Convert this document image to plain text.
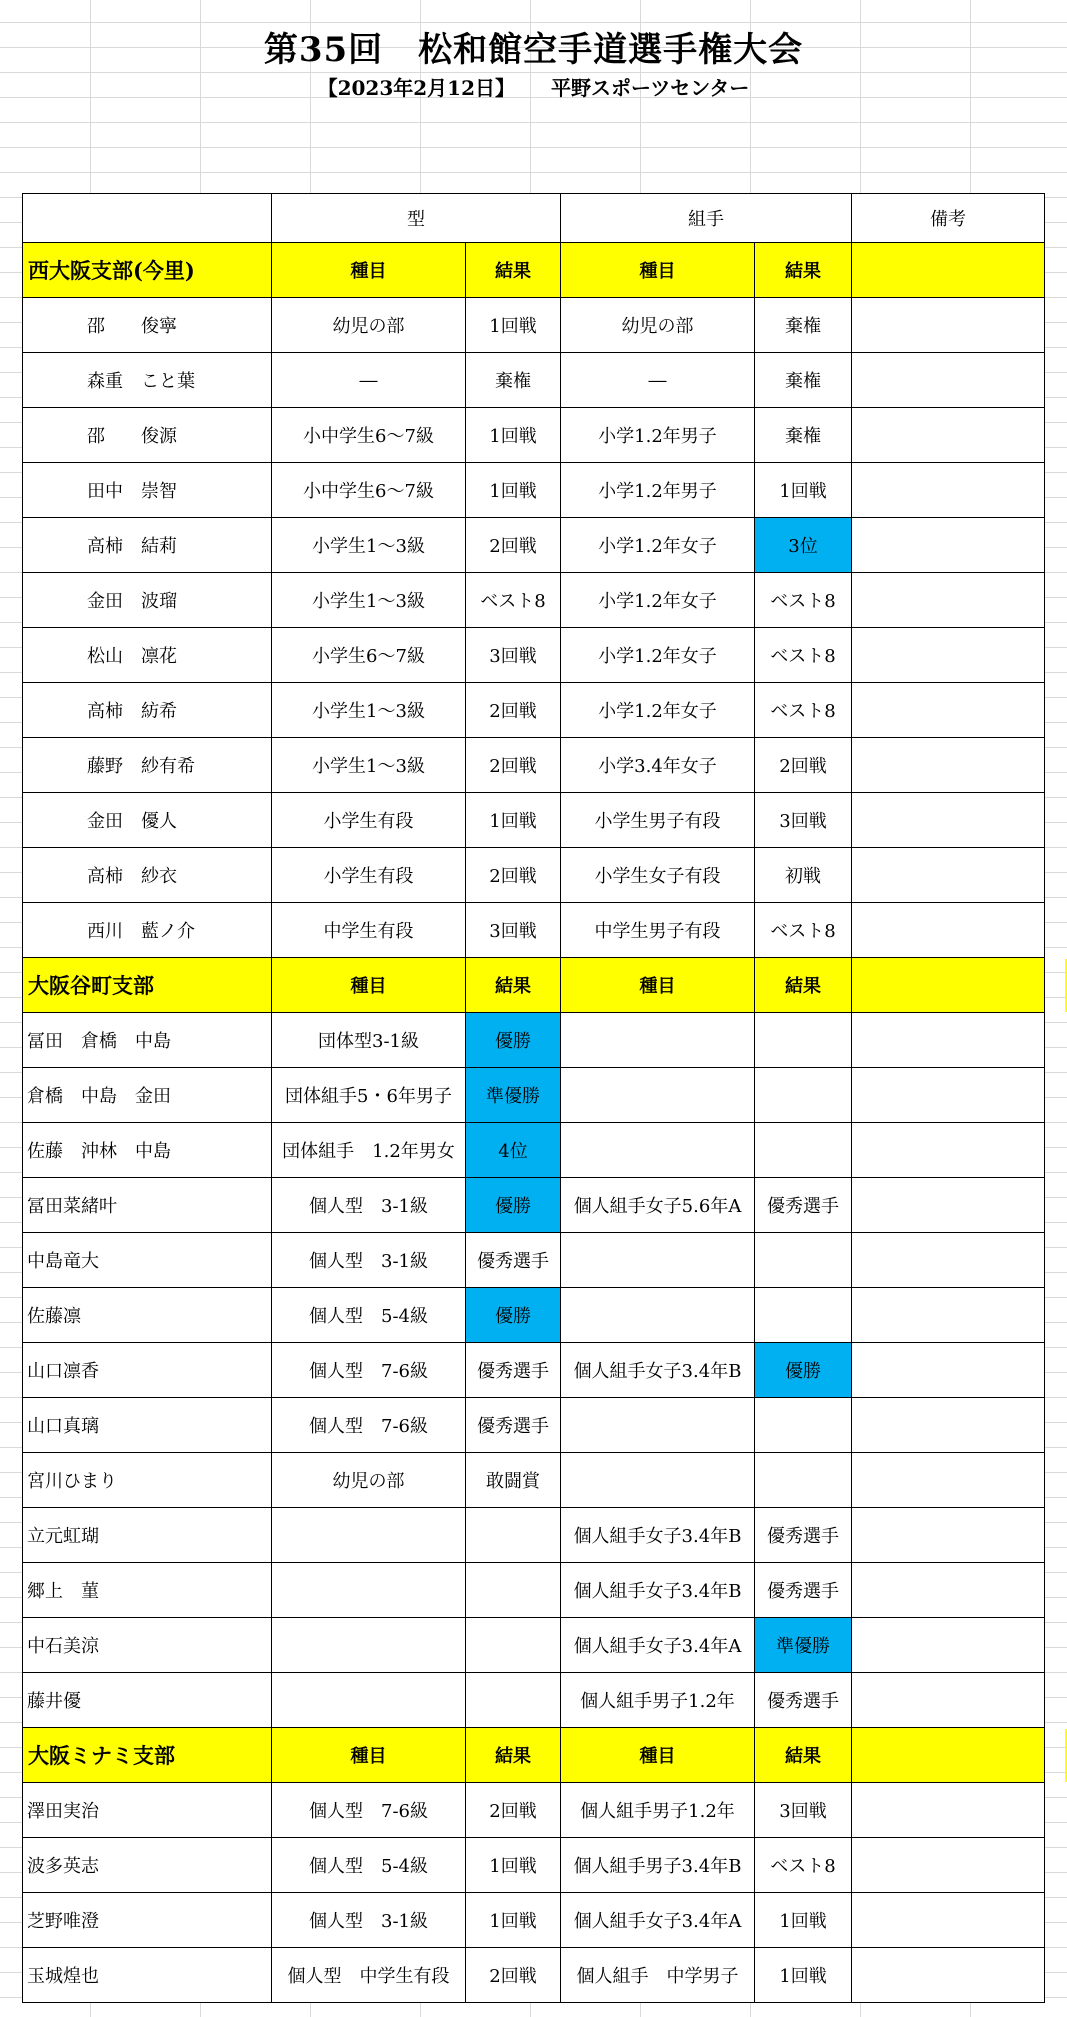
第35回　松和館空手道選手権大会
【2023年2月12日】 平野スポーツセンター
	型		組手		備考
西大阪支部(今里)	種目	結果	種目	結果	
邵　　俊寧	幼児の部	1回戦	幼児の部	棄権	
森重　こと葉	―	棄権	―	棄権	
邵　　俊源	小中学生6～7級	1回戦	小学1.2年男子	棄権	
田中　崇智	小中学生6～7級	1回戦	小学1.2年男子	1回戦	
高柿　結莉	小学生1～3級	2回戦	小学1.2年女子	3位	
金田　波瑠	小学生1～3級	ベスト8	小学1.2年女子	ベスト8	
松山　凛花	小学生6～7級	3回戦	小学1.2年女子	ベスト8	
高柿　紡希	小学生1～3級	2回戦	小学1.2年女子	ベスト8	
藤野　紗有希	小学生1～3級	2回戦	小学3.4年女子	2回戦	
金田　優人	小学生有段	1回戦	小学生男子有段	3回戦	
高柿　紗衣	小学生有段	2回戦	小学生女子有段	初戦	
西川　藍ノ介	中学生有段	3回戦	中学生男子有段	ベスト8	
大阪谷町支部	種目	結果	種目	結果	
冨田　倉橋　中島	団体型3-1級	優勝			
倉橋　中島　金田	団体組手5・6年男子	準優勝			
佐藤　沖林　中島	団体組手　1.2年男女	4位			
冨田菜緒叶	個人型　3-1級	優勝	個人組手女子5.6年A	優秀選手	
中島竜大	個人型　3-1級	優秀選手			
佐藤凛	個人型　5-4級	優勝			
山口凛香	個人型　7-6級	優秀選手	個人組手女子3.4年B	優勝	
山口真璃	個人型　7-6級	優秀選手			
宮川ひまり	幼児の部	敢闘賞			
立元虹瑚			個人組手女子3.4年B	優秀選手	
郷上　菫			個人組手女子3.4年B	優秀選手	
中石美涼			個人組手女子3.4年A	準優勝	
藤井優			個人組手男子1.2年	優秀選手	
大阪ミナミ支部	種目	結果	種目	結果	
澤田実治	個人型　7-6級	2回戦	個人組手男子1.2年	3回戦	
波多英志	個人型　5-4級	1回戦	個人組手男子3.4年B	ベスト8	
芝野唯澄	個人型　3-1級	1回戦	個人組手女子3.4年A	1回戦	
玉城煌也	個人型　中学生有段	2回戦	個人組手　中学男子	1回戦	
